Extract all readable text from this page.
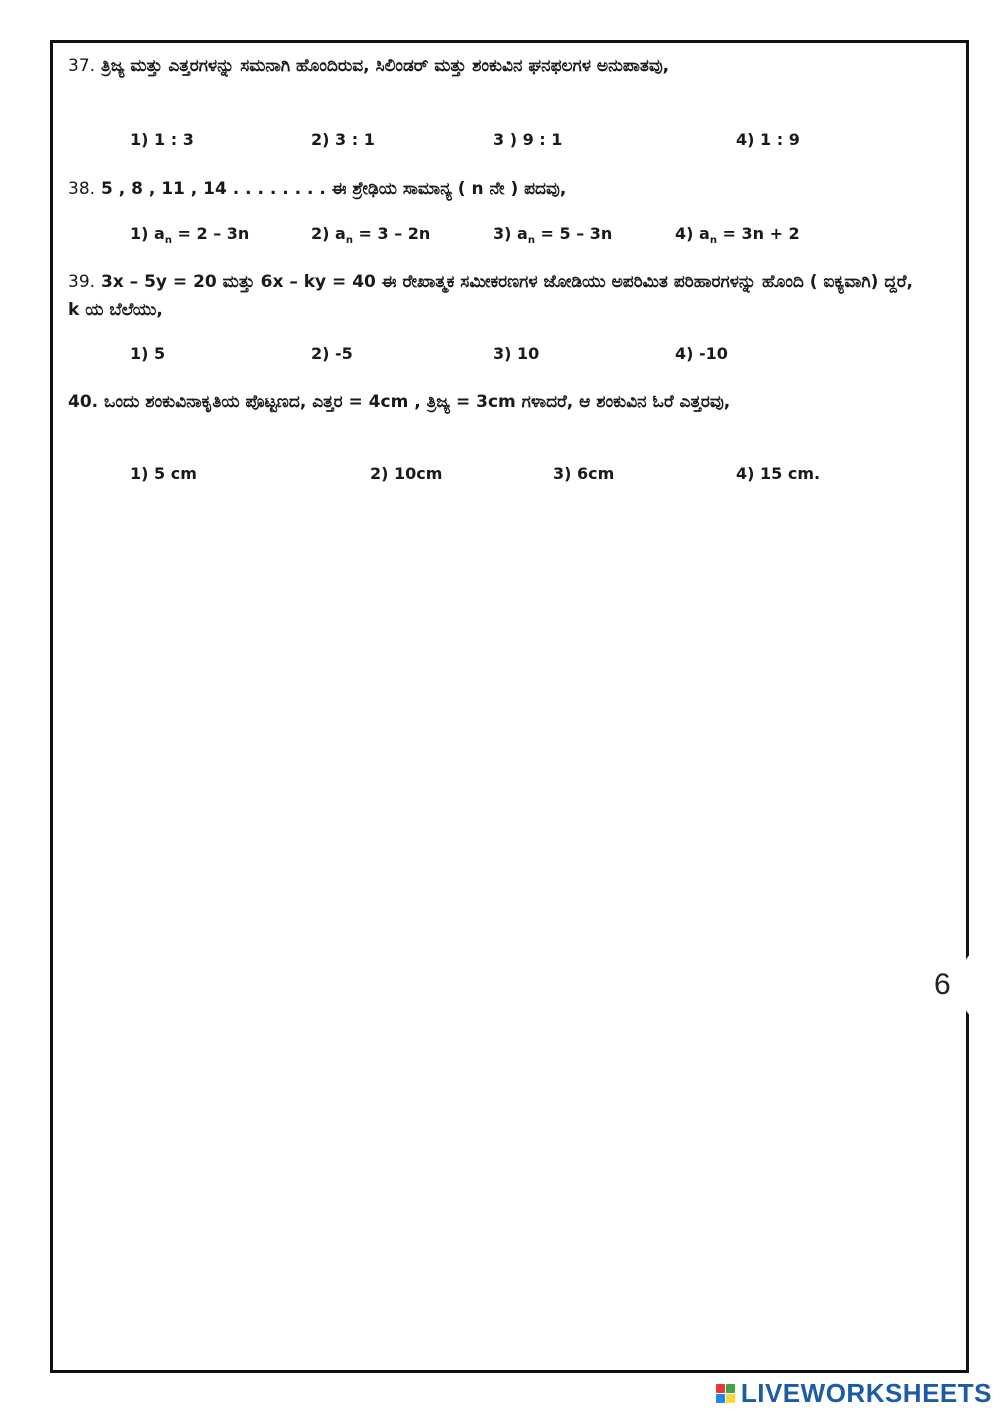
6
37. ತ್ರಿಜ್ಯ ಮತ್ತು ಎತ್ತರಗಳನ್ನು ಸಮನಾಗಿ ಹೊಂದಿರುವ, ಸಿಲಿಂಡರ್ ಮತ್ತು ಶಂಕುವಿನ ಘನಫಲಗಳ ಅನುಪಾತವು,
1) 1 : 3	2) 3 : 1	3 ) 9 : 1	4) 1 : 9
38. 5 , 8 , 11 , 14 . . . . . . . . ಈ ಶ್ರೇಢಿಯ ಸಾಮಾನ್ಯ ( n ನೇ ) ಪದವು,
1) $a_n = 2 - 3n$	2) $a_n = 3 - 2n$	3) $a_n = 5 - 3n$	4) $a_n = 3n + 2$
39. 3x – 5y = 20 ಮತ್ತು 6x – ky = 40 ಈ ರೇಖಾತ್ಮಕ ಸಮೀಕರಣಗಳ ಜೋಡಿಯು ಅಪರಿಮಿತ ಪರಿಹಾರಗಳನ್ನು ಹೊಂದಿ ( ಐಕ್ಯವಾಗಿ) ದ್ದರೆ, k ಯ ಬೆಲೆಯು,
1) 5	2) -5	3) 10	4) -10
40. ಒಂದು ಶಂಕುವಿನಾಕೃತಿಯ ಪೊಟ್ಟಣದ, ಎತ್ತರ = 4cm , ತ್ರಿಜ್ಯ = 3cm ಗಳಾದರೆ, ಆ ಶಂಕುವಿನ ಓರೆ ಎತ್ತರವು,
1) 5 cm	2) 10cm	3) 6cm	4) 15 cm.
LIVEWORKSHEETS
